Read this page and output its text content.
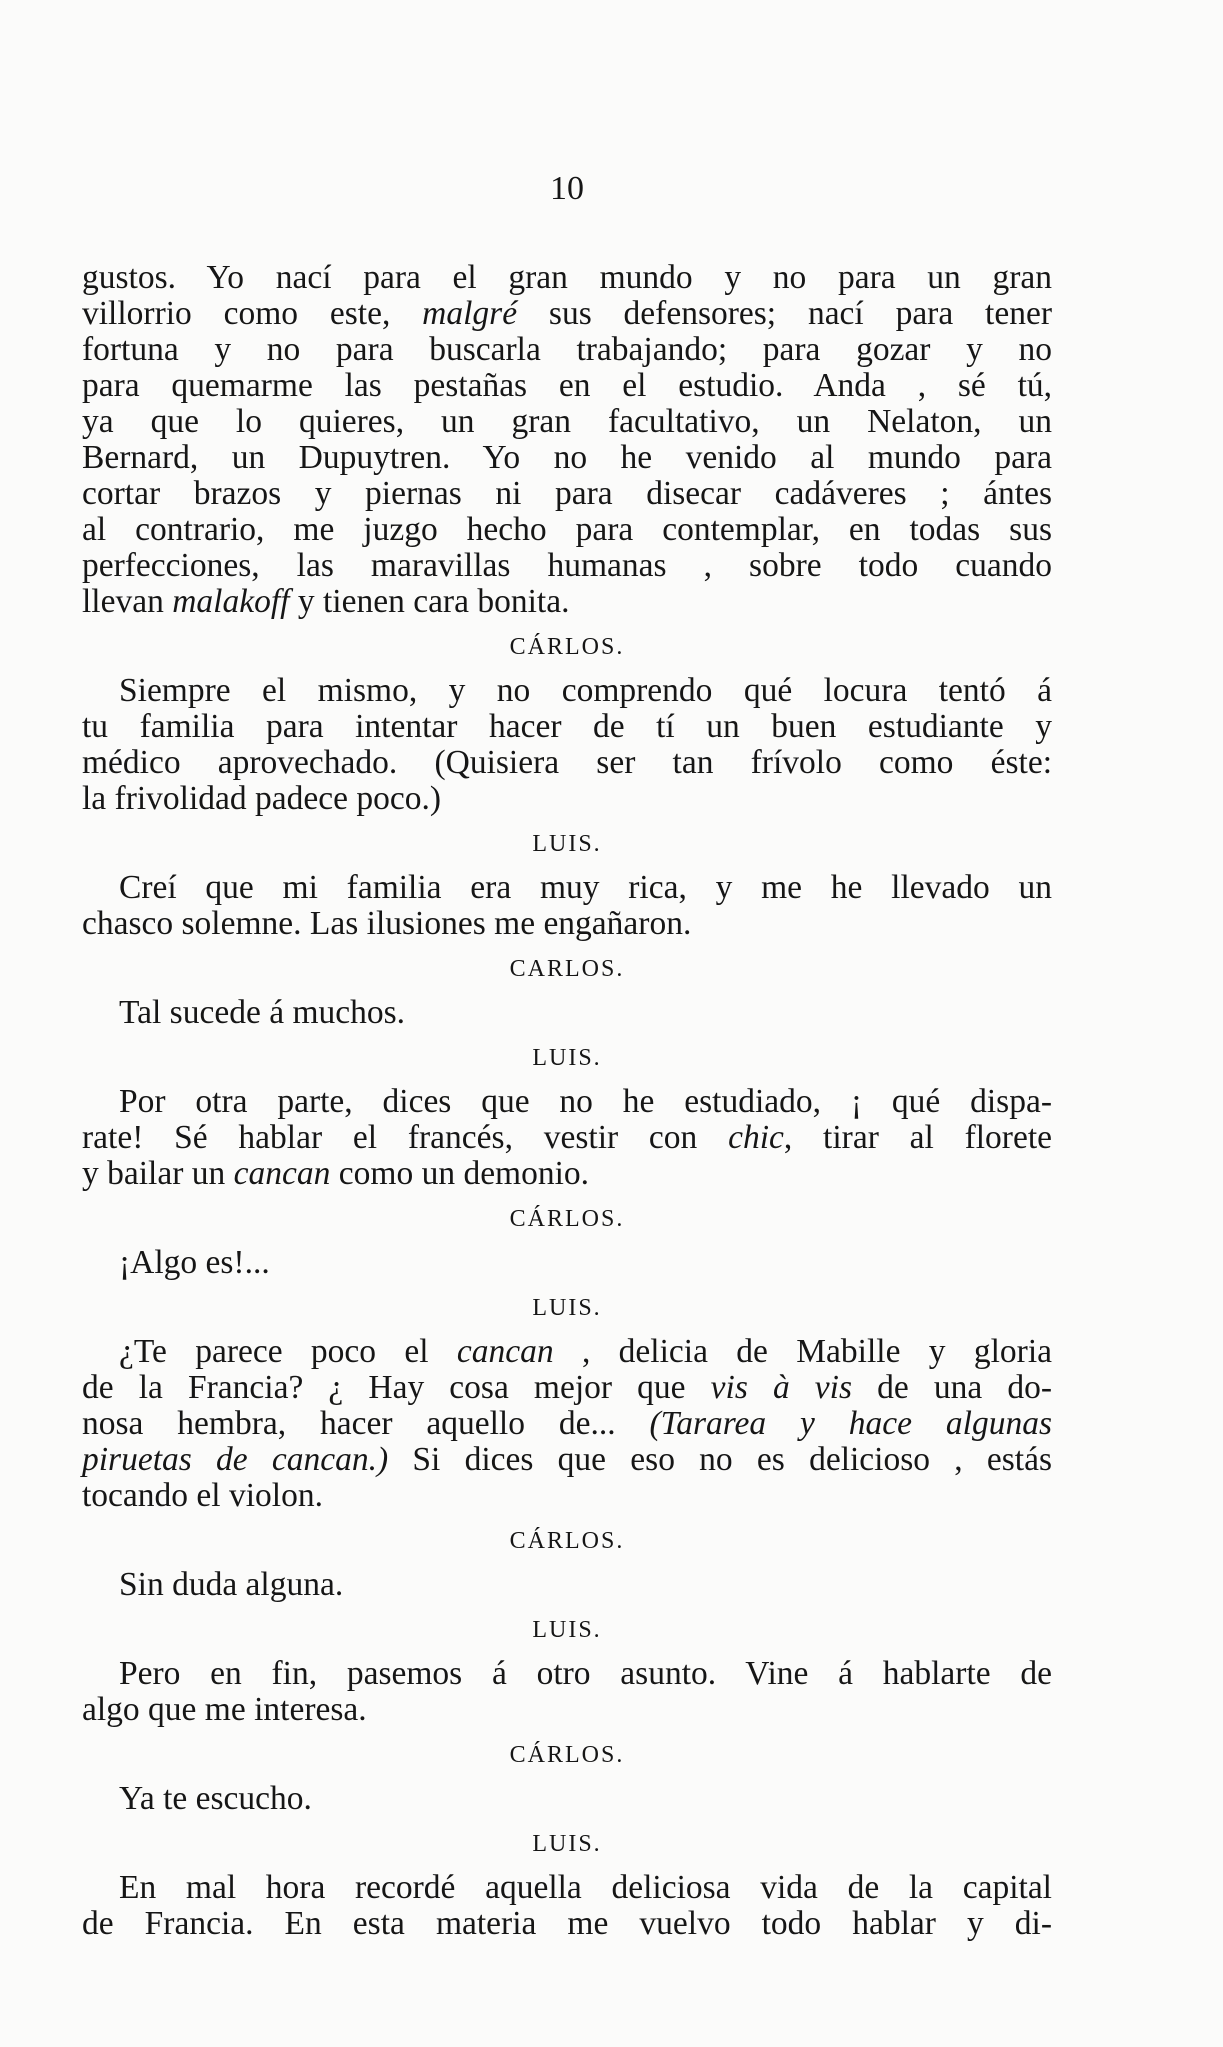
10
gustos. Yo nací para el gran mundo y no para un gran
villorrio como este, malgré sus defensores; nací para tener
fortuna y no para buscarla trabajando; para gozar y no
para quemarme las pestañas en el estudio. Anda , sé tú,
ya que lo quieres, un gran facultativo, un Nelaton, un
Bernard, un Dupuytren. Yo no he venido al mundo para
cortar brazos y piernas ni para disecar cadáveres ; ántes
al contrario, me juzgo hecho para contemplar, en todas sus
perfecciones, las maravillas humanas , sobre todo cuando
llevan malakoff y tienen cara bonita.
CÁRLOS.
Siempre el mismo, y no comprendo qué locura tentó á
tu familia para intentar hacer de tí un buen estudiante y
médico aprovechado. (Quisiera ser tan frívolo como éste:
la frivolidad padece poco.)
LUIS.
Creí que mi familia era muy rica, y me he llevado un
chasco solemne. Las ilusiones me engañaron.
CARLOS.
Tal sucede á muchos.
LUIS.
Por otra parte, dices que no he estudiado, ¡ qué dispa-
rate! Sé hablar el francés, vestir con chic, tirar al florete
y bailar un cancan como un demonio.
CÁRLOS.
¡Algo es!...
LUIS.
¿Te parece poco el cancan , delicia de Mabille y gloria
de la Francia? ¿ Hay cosa mejor que vis à vis de una do-
nosa hembra, hacer aquello de... (Tararea y hace algunas
piruetas de cancan.) Si dices que eso no es delicioso , estás
tocando el violon.
CÁRLOS.
Sin duda alguna.
LUIS.
Pero en fin, pasemos á otro asunto. Vine á hablarte de
algo que me interesa.
CÁRLOS.
Ya te escucho.
LUIS.
En mal hora recordé aquella deliciosa vida de la capital
de Francia. En esta materia me vuelvo todo hablar y di-
